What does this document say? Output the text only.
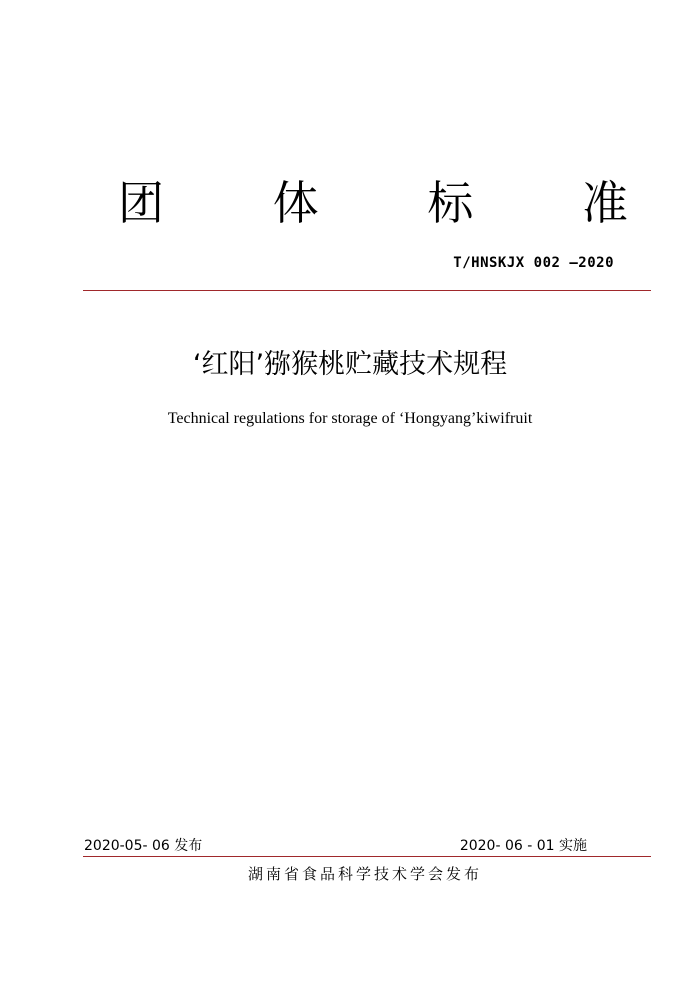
团 体 标 准
T/HNSKJX 002 —2020
‘红阳’猕猴桃贮藏技术规程
Technical regulations for storage of ‘Hongyang’kiwifruit
2020-05- 06 发布	2020- 06 - 01 实施
湖南省食品科学技术学会发布
